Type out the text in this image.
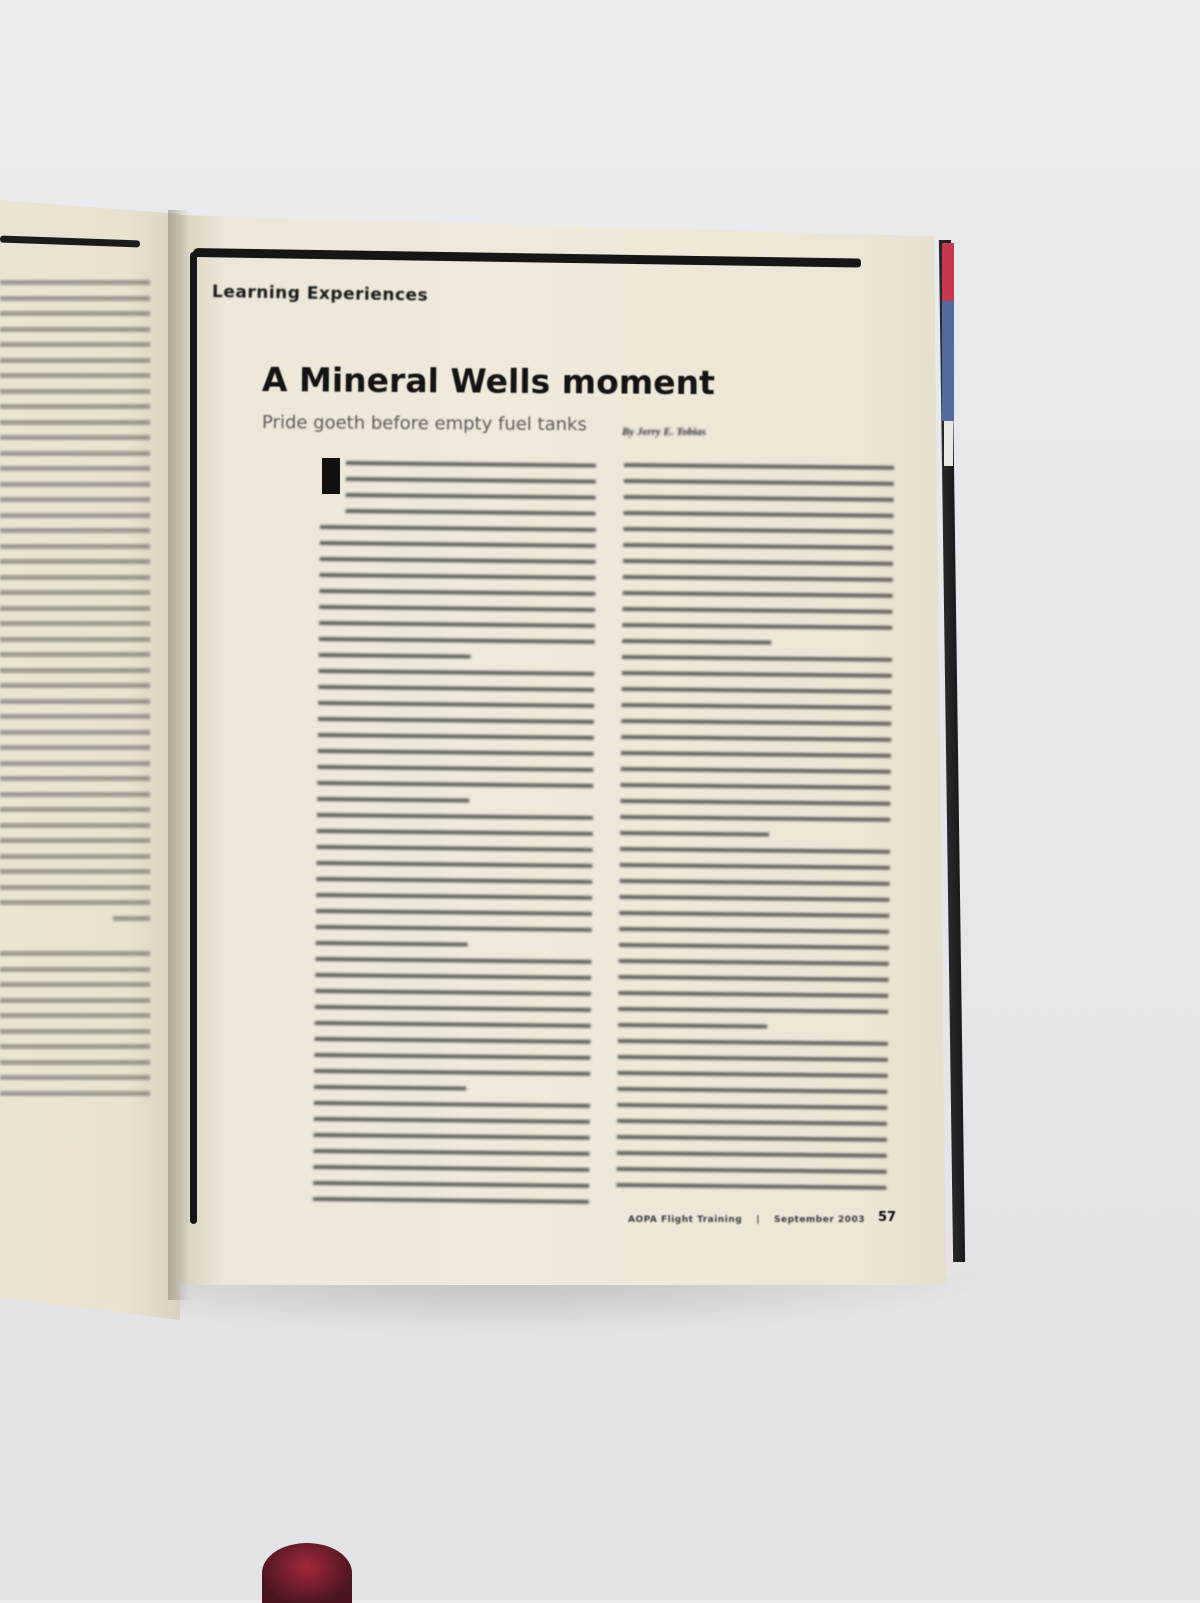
Learning Experiences
A Mineral Wells moment
Pride goeth before empty fuel tanks	By Jerry E. Tobias
AOPA Flight Training | September 2003 57
